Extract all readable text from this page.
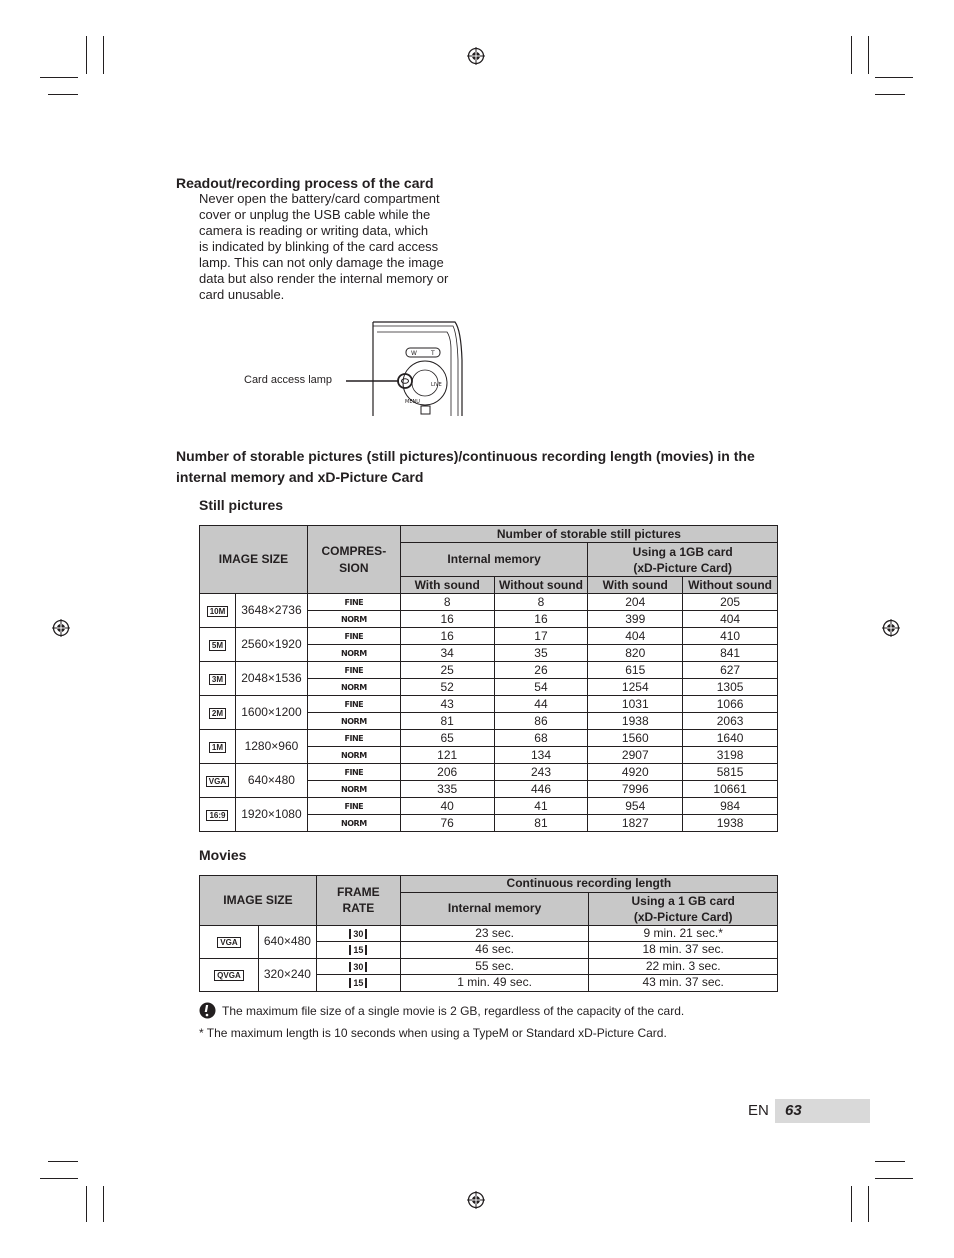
Readout/recording process of the card
Never open the battery/card compartment
cover or unplug the USB cable while the
camera is reading or writing data, which
is indicated by blinking of the card access
lamp. This can not only damage the image
data but also render the internal memory or
card unusable.
Card access lamp
W T
LIVE
MENU
Number of storable pictures (still pictures)/continuous recording length (movies) in the
internal memory and xD-Picture Card
Still pictures
IMAGE SIZE		COMPRES-
SION	Number of storable still pictures			
			Internal memory		Using a 1GB card
(xD-Picture Card)	

			With sound	Without sound	With sound	Without sound
10M	3648×2736	FINE	8	8	204	205
		NORM	16	16	399	404
5M	2560×1920	FINE	16	17	404	410
		NORM	34	35	820	841
3M	2048×1536	FINE	25	26	615	627
		NORM	52	54	1254	1305
2M	1600×1200	FINE	43	44	1031	1066
		NORM	81	86	1938	2063
1M	1280×960	FINE	65	68	1560	1640
		NORM	121	134	2907	3198
VGA	640×480	FINE	206	243	4920	5815
		NORM	335	446	7996	10661
16:9	1920×1080	FINE	40	41	954	984
		NORM	76	81	1827	1938
Movies
IMAGE SIZE		FRAME
RATE	Continuous recording length	
			Internal memory	Using a 1 GB card
(xD-Picture Card)

VGA	640×480	30	23 sec.	9 min. 21 sec.*
		15	46 sec.	18 min. 37 sec.
QVGA	320×240	30	55 sec.	22 min. 3 sec.
		15	1 min. 49 sec.	43 min. 37 sec.
The maximum file size of a single movie is 2 GB, regardless of the capacity of the card.
* The maximum length is 10 seconds when using a TypeM or Standard xD-Picture Card.
EN 63
